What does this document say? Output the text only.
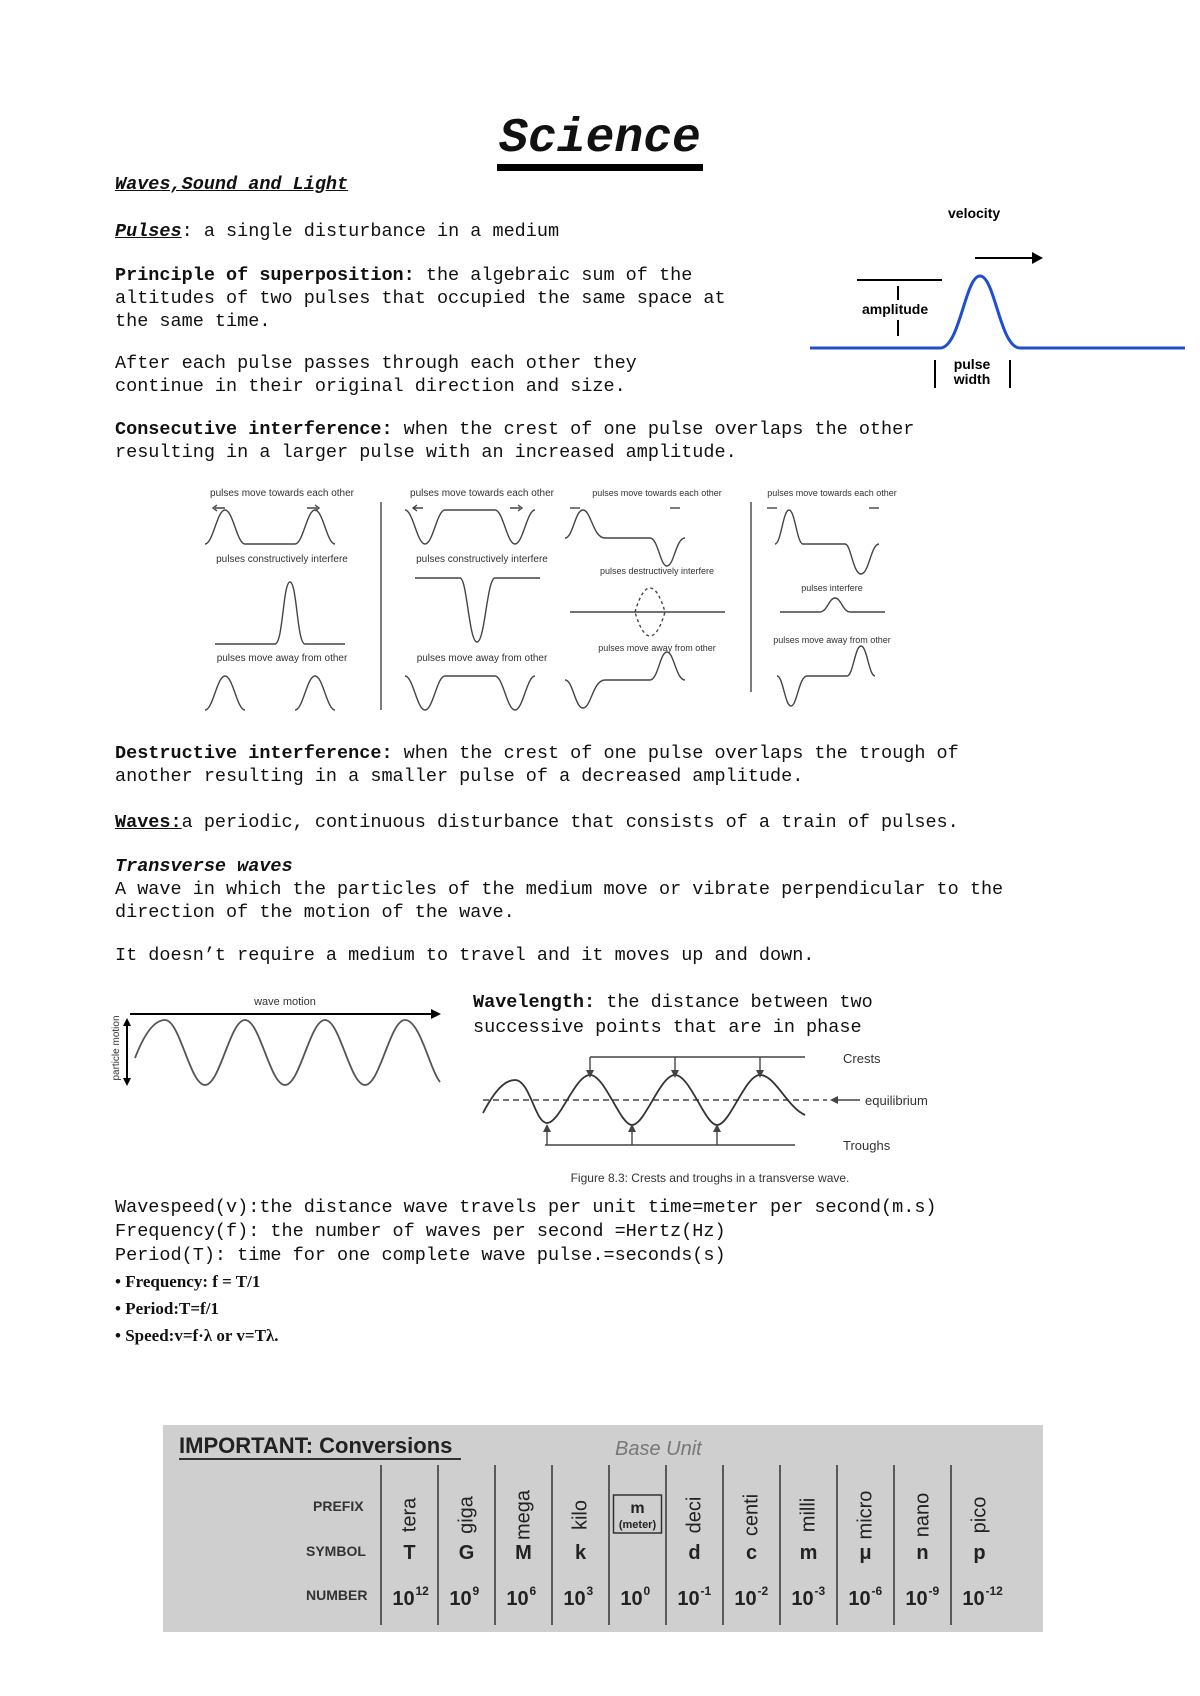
Science
Waves,Sound and Light
Pulses: a single disturbance in a medium
Principle of superposition: the algebraic sum of the
altitudes of two pulses that occupied the same space at
the same time.
After each pulse passes through each other they
continue in their original direction and size.
velocity
amplitude
pulse
width
Consecutive interference: when the crest of one pulse overlaps the other
resulting in a larger pulse with an increased amplitude.
pulses move towards each other
pulses constructively interfere
pulses move away from other
pulses move towards each other
pulses constructively interfere
pulses move away from other
pulses move towards each other
pulses destructively interfere
pulses move away from other
pulses move towards each other
pulses interfere
pulses move away from other
Destructive interference: when the crest of one pulse overlaps the trough of
another resulting in a smaller pulse of a decreased amplitude.
Waves:a periodic, continuous disturbance that consists of a train of pulses.
Transverse waves
A wave in which the particles of the medium move or vibrate perpendicular to the
direction of the motion of the wave.
It doesn’t require a medium to travel and it moves up and down.
wave motion
particle motion
Wavelength: the distance between two
successive points that are in phase
Crests
equilibrium
Troughs
Figure 8.3: Crests and troughs in a transverse wave.
Wavespeed(v):the distance wave travels per unit time=meter per second(m.s)
Frequency(f): the number of waves per second =Hertz(Hz)
Period(T): time for one complete wave pulse.=seconds(s)
• Frequency: f = T/1
• Period:T=f/1
• Speed:v=f·λ or v=Tλ.
IMPORTANT: Conversions	Base Unit
PREFIX
SYMBOL
NUMBER
tera
T
10 12
giga
G
10 9
mega
M
10 6
kilo
k
10 3
m
(meter)
10 0
deci
d
10 -1
centi
c
10 -2
milli
m
10 -3
micro
μ
10 -6
nano
n
10 -9
pico
p
10 -12
